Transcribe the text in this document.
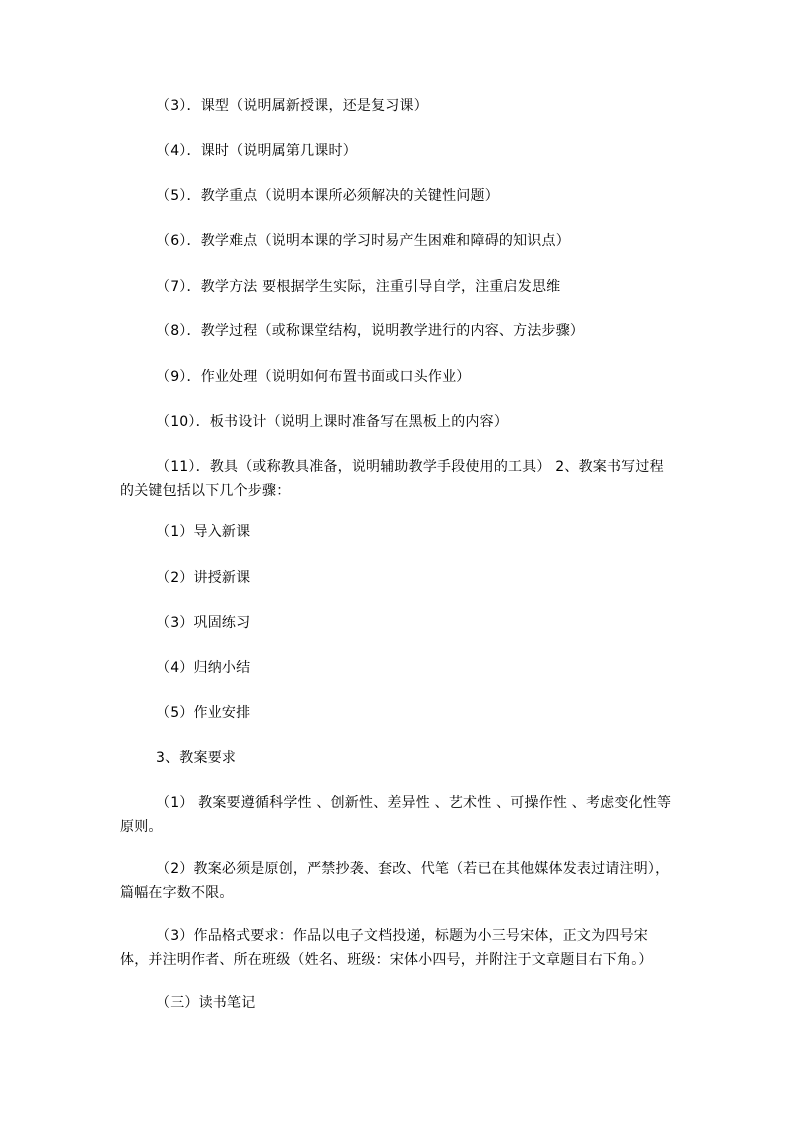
（3）．课型（说明属新授课，还是复习课）

（4）．课时（说明属第几课时）

（5）．教学重点（说明本课所必须解决的关键性问题）

（6）．教学难点（说明本课的学习时易产生困难和障碍的知识点）

（7）．教学方法 要根据学生实际，注重引导自学，注重启发思维

（8）．教学过程（或称课堂结构，说明教学进行的内容、方法步骤）

（9）．作业处理（说明如何布置书面或口头作业）

（10）．板书设计（说明上课时准备写在黑板上的内容）

（11）．教具（或称教具准备，说明辅助教学手段使用的工具） 2、教案书写过程的关键包括以下几个步骤：

（1）导入新课

（2）讲授新课

（3）巩固练习

（4）归纳小结

（5）作业安排

3、教案要求

（1） 教案要遵循科学性 、创新性、差异性 、艺术性 、可操作性 、考虑变化性等原则。

（2）教案必须是原创，严禁抄袭、套改、代笔（若已在其他媒体发表过请注明），篇幅在字数不限。

（3）作品格式要求：作品以电子文档投递，标题为小三号宋体，正文为四号宋体，并注明作者、所在班级（姓名、班级：宋体小四号，并附注于文章题目右下角。）

（三）读书笔记
